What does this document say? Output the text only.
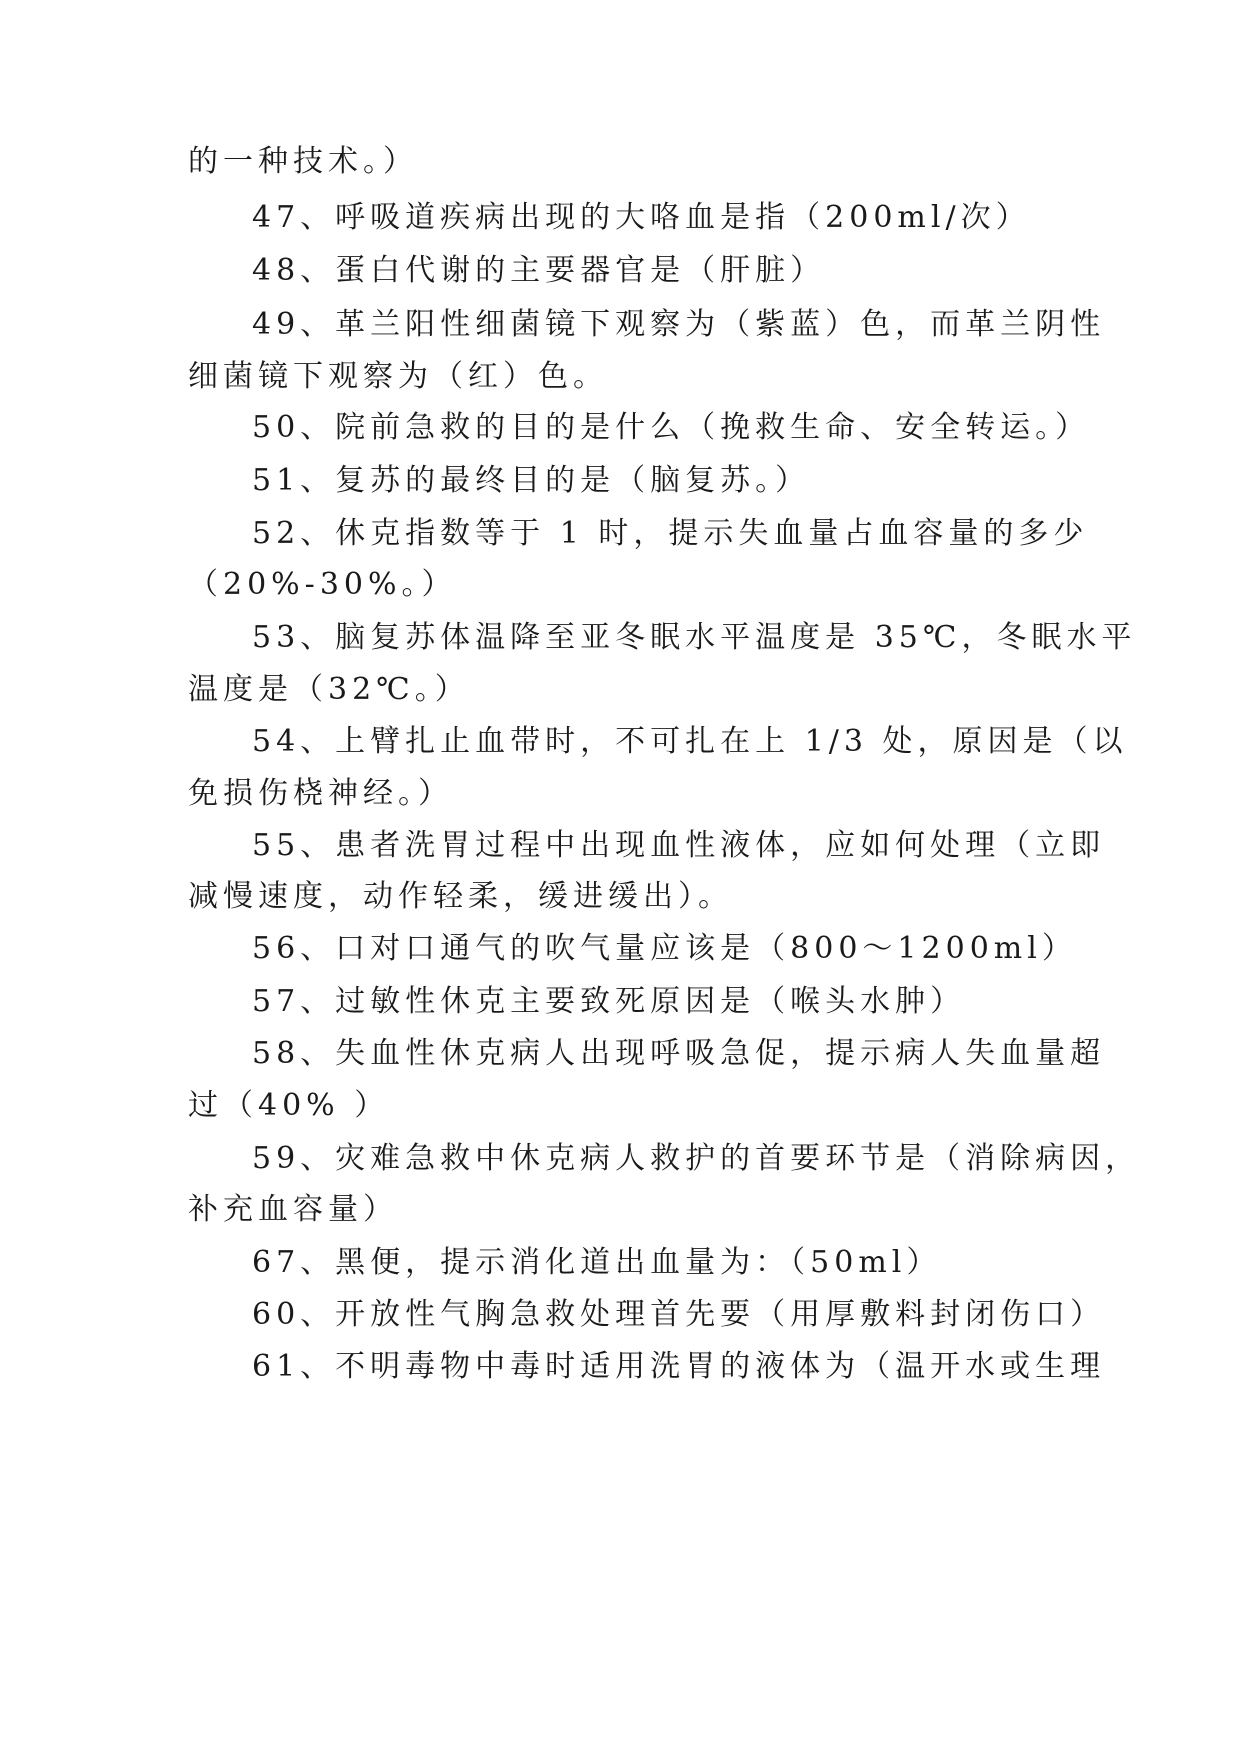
的一种技术。）
47、呼吸道疾病出现的大咯血是指（200ml/次）
48、蛋白代谢的主要器官是（肝脏）
49、革兰阳性细菌镜下观察为（紫蓝）色，而革兰阴性
细菌镜下观察为（红）色。
50、院前急救的目的是什么（挽救生命、安全转运。）
51、复苏的最终目的是（脑复苏。）
52、休克指数等于 1 时，提示失血量占血容量的多少
（20%-30%。）
53、脑复苏体温降至亚冬眠水平温度是 35℃，冬眠水平
温度是（32℃。）
54、上臂扎止血带时，不可扎在上 1/3 处，原因是（以
免损伤桡神经。）
55、患者洗胃过程中出现血性液体，应如何处理（立即
减慢速度，动作轻柔，缓进缓出）。
56、口对口通气的吹气量应该是（800～1200ml）
57、过敏性休克主要致死原因是（喉头水肿）
58、失血性休克病人出现呼吸急促，提示病人失血量超
过（40% ）
59、灾难急救中休克病人救护的首要环节是（消除病因，
补充血容量）
67、黑便，提示消化道出血量为：（50ml）
60、开放性气胸急救处理首先要（用厚敷料封闭伤口）
61、不明毒物中毒时适用洗胃的液体为（温开水或生理
